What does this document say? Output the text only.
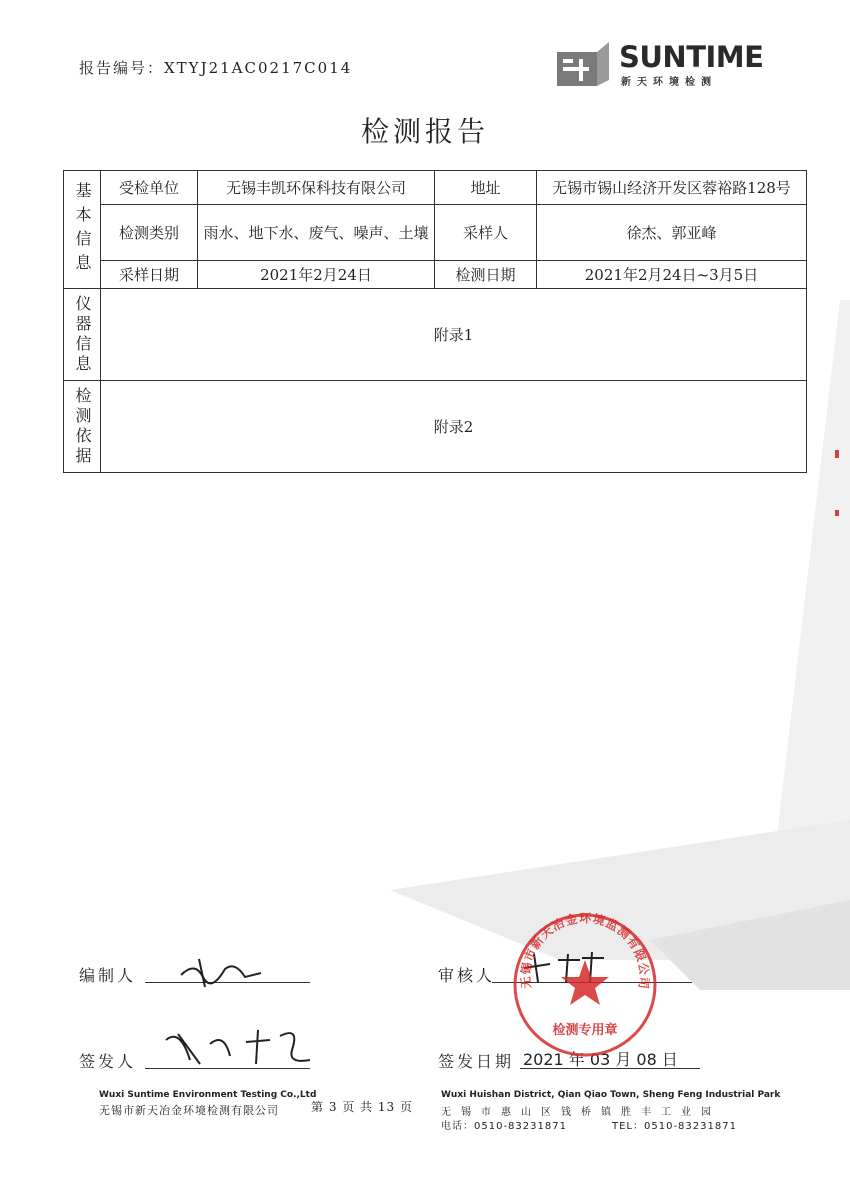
报告编号：XTYJ21AC0217C014	SUNTIME
新天环境检测
检测报告
基本信息	受检单位	无锡丰凯环保科技有限公司	地址	无锡市锡山经济开发区蓉裕路128号
	检测类别	雨水、地下水、废气、噪声、土壤	采样人	徐杰、郭亚峰
	采样日期	2021年2月24日	检测日期	2021年2月24日~3月5日
仪器信息	附录1			
检测依据	附录2			
编制人	审核人
签发人	签发日期 2021 年 03 月 08 日
无锡市新天冶金环境监测有限公司
检测专用章
Wuxi Suntime Environment Testing Co.,Ltd
无锡市新天冶金环境检测有限公司	第 3 页 共 13 页
Wuxi Huishan District, Qian Qiao Town, Sheng Feng Industrial Park
无锡市惠山区钱桥镇胜丰工业园
电话：0510-83231871	TEL：0510-83231871
